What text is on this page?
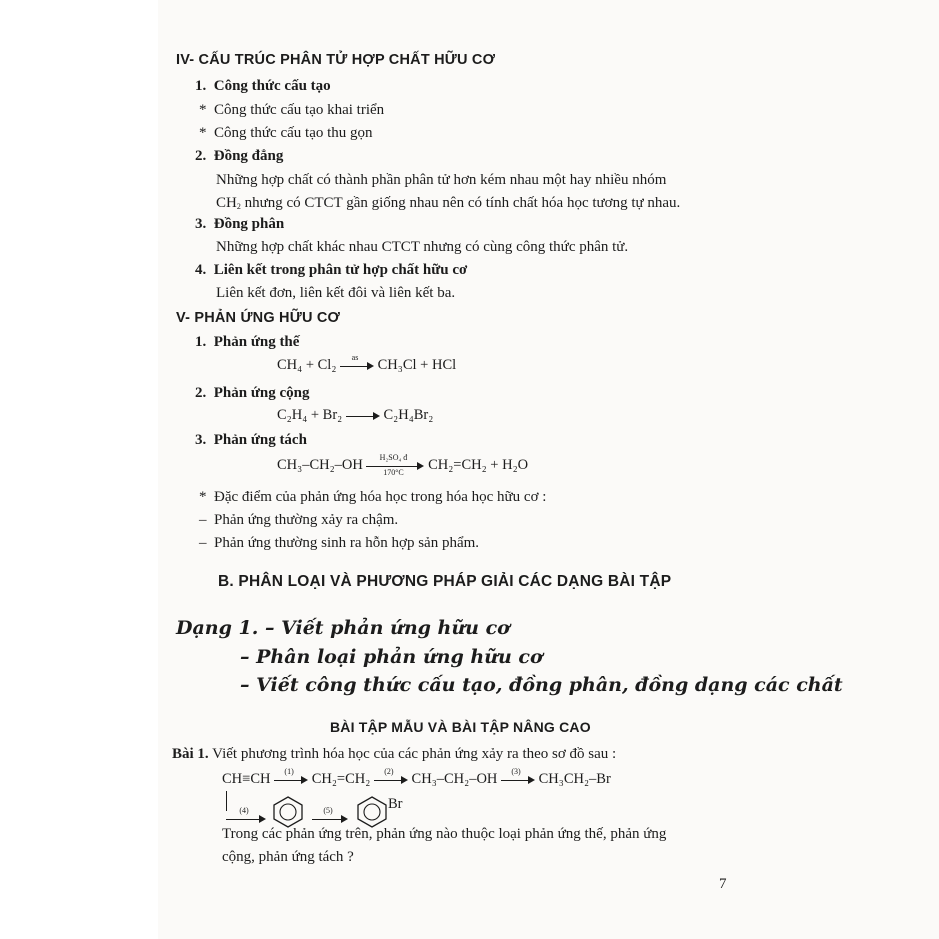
IV- CẤU TRÚC PHÂN TỬ HỢP CHẤT HỮU CƠ
1. Công thức cấu tạo
*  Công thức cấu tạo khai triển
*  Công thức cấu tạo thu gọn
2. Đồng đẳng
Những hợp chất có thành phần phân tử hơn kém nhau một hay nhiều nhóm
$CH_2$ nhưng có CTCT gần giống nhau nên có tính chất hóa học tương tự nhau.
3. Đồng phân
Những hợp chất khác nhau CTCT nhưng có cùng công thức phân tử.
4. Liên kết trong phân tử hợp chất hữu cơ
Liên kết đơn, liên kết đôi và liên kết ba.
V- PHẢN ỨNG HỮU CƠ
1. Phản ứng thế
CH₄ + Cl₂	as	CH₃Cl + HCl
2. Phản ứng cộng
C₂H₄ + Br₂	C₂H₄Br₂
3. Phản ứng tách
$CH_3-CH_2-OH \frac{\text{H₂SO₄ đ}}{170^\circ C} CH_2=CH_2 + H_2O$
*  Đặc điểm của phản ứng hóa học trong hóa học hữu cơ :
–  Phản ứng thường xảy ra chậm.
–  Phản ứng thường sinh ra hỗn hợp sản phẩm.
B. PHÂN LOẠI VÀ PHƯƠNG PHÁP GIẢI CÁC DẠNG BÀI TẬP
Dạng 1. – Viết phản ứng hữu cơ
– Phân loại phản ứng hữu cơ
– Viết công thức cấu tạo, đồng phân, đồng dạng các chất
BÀI TẬP MẪU VÀ BÀI TẬP NÂNG CAO
Bài 1. Viết phương trình hóa học của các phản ứng xảy ra theo sơ đồ sau :
CH≡CH	(1)	CH₂=CH₂	(2)	CH₃–CH₂–OH	(3)	CH₃CH₂–Br
(4)	(5)	Br
Trong các phản ứng trên, phản ứng nào thuộc loại phản ứng thế, phản ứng
cộng, phản ứng tách ?
7
